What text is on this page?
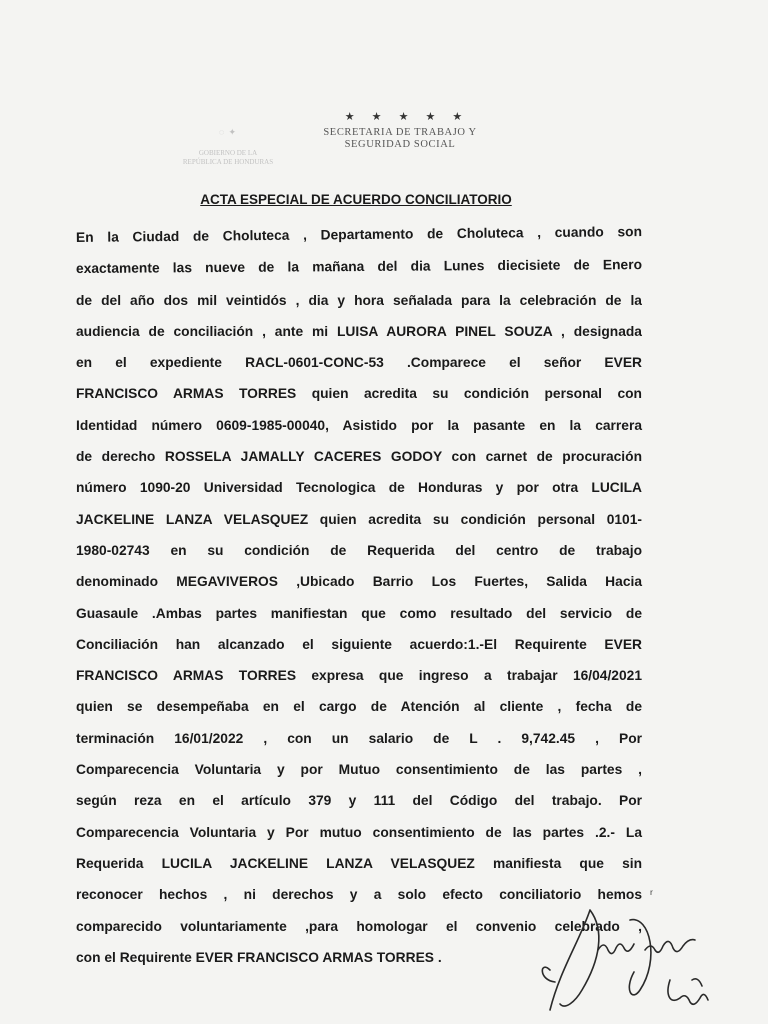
◌ ✦
GOBIERNO DE LA
REPÚBLICA DE HONDURAS
★ ★ ★ ★ ★
SECRETARIA DE TRABAJO Y
SEGURIDAD SOCIAL
ACTA ESPECIAL DE ACUERDO CONCILIATORIO
En la Ciudad de Choluteca , Departamento de Choluteca , cuando son
exactamente las nueve de la mañana del dia Lunes diecisiete de Enero
de del año dos mil veintidós , dia y hora señalada para la celebración de la
audiencia de conciliación , ante mi LUISA AURORA PINEL SOUZA , designada
en el expediente RACL-0601-CONC-53 .Comparece el señor EVER
FRANCISCO ARMAS TORRES quien acredita su condición personal con
Identidad número 0609-1985-00040, Asistido por la pasante en la carrera
de derecho ROSSELA JAMALLY CACERES GODOY con carnet de procuración
número 1090-20 Universidad Tecnologica de Honduras y por otra LUCILA
JACKELINE LANZA VELASQUEZ quien acredita su condición personal 0101-
1980-02743 en su condición de Requerida del centro de trabajo
denominado MEGAVIVEROS ,Ubicado Barrio Los Fuertes, Salida Hacia
Guasaule .Ambas partes manifiestan que como resultado del servicio de
Conciliación han alcanzado el siguiente acuerdo:1.-El Requirente EVER
FRANCISCO ARMAS TORRES expresa que ingreso a trabajar 16/04/2021
quien se desempeñaba en el cargo de Atención al cliente , fecha de
terminación 16/01/2022 , con un salario de L . 9,742.45 , Por
Comparecencia Voluntaria y por Mutuo consentimiento de las partes ,
según reza en el artículo 379 y 111 del Código del trabajo. Por
Comparecencia Voluntaria y Por mutuo consentimiento de las partes .2.- La
Requerida LUCILA JACKELINE LANZA VELASQUEZ manifiesta que sin
reconocer hechos , ni derechos y a solo efecto conciliatorio hemos
comparecido voluntariamente ,para homologar el convenio celebrado ,
con el Requirente EVER FRANCISCO ARMAS TORRES .
ʳ
